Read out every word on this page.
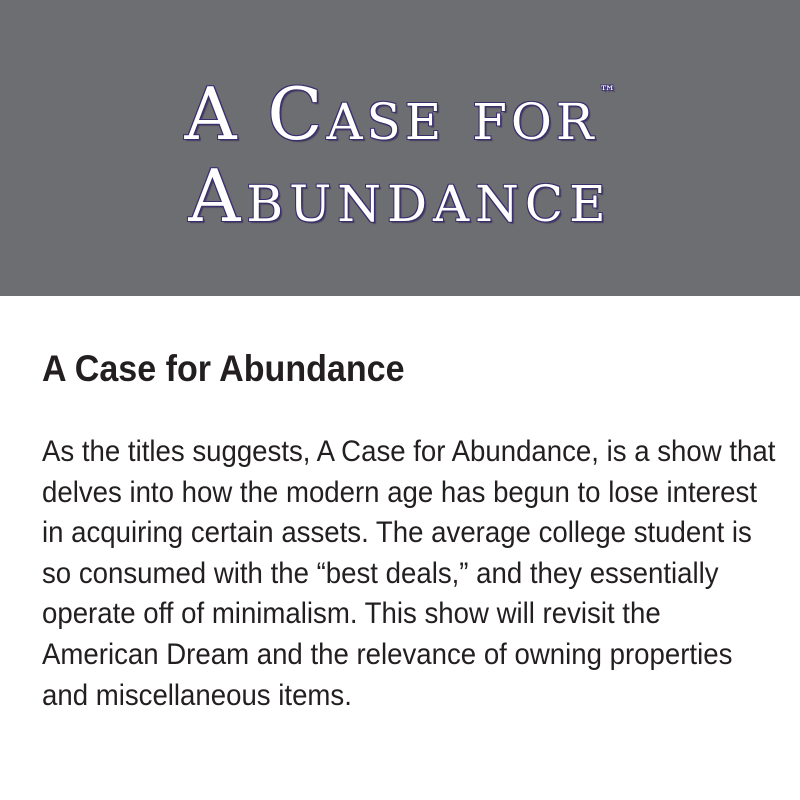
A Case for ™
Abundance
A Case for Abundance

As the titles suggests, A Case for Abundance, is a show that delves into how the modern age has begun to lose interest in acquiring certain assets. The average college student is so consumed with the “best deals,” and they essentially operate off of minimalism. This show will revisit the American Dream and the relevance of owning properties and miscellaneous items.
